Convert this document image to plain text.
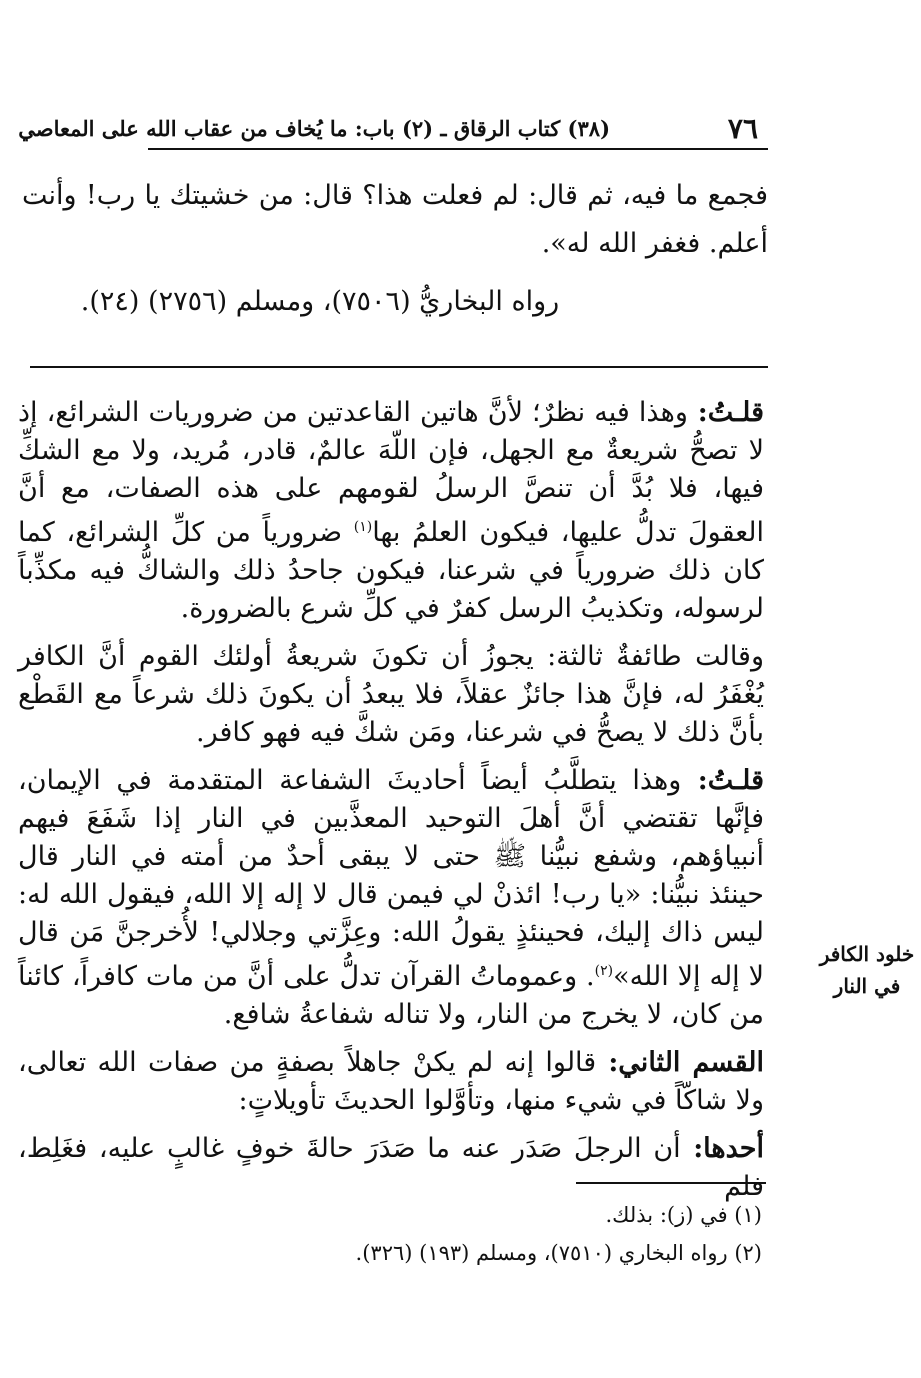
٧٦
(٣٨) كتاب الرقاق ـ (٢) باب: ما يُخاف من عقاب الله على المعاصي

فجمع ما فيه، ثم قال: لم فعلت هذا؟ قال: من خشيتك يا رب! وأنت أعلم. فغفر الله له».

رواه البخاريُّ (٧٥٠٦)، ومسلم (٢٧٥٦) (٢٤).

قلـتُ: وهذا فيه نظرٌ؛ لأنَّ هاتين القاعدتين من ضروريات الشرائع، إذ لا تصحُّ شريعةٌ مع الجهل، فإن اللّهَ عالمٌ، قادر، مُريد، ولا مع الشكِّ فيها، فلا بُدَّ أن تنصَّ الرسلُ لقومهم على هذه الصفات، مع أنَّ العقولَ تدلُّ عليها، فيكون العلمُ بها$^{(١)}$ ضرورياً من كلِّ الشرائع، كما كان ذلك ضرورياً في شرعنا، فيكون جاحدُ ذلك والشاكُّ فيه مكذِّباً لرسوله، وتكذيبُ الرسل كفرٌ في كلِّ شرع بالضرورة.

وقالت طائفةٌ ثالثة: يجوزُ أن تكونَ شريعةُ أولئك القوم أنَّ الكافر يُغْفَرُ له، فإنَّ هذا جائزٌ عقلاً، فلا يبعدُ أن يكونَ ذلك شرعاً مع القَطْع بأنَّ ذلك لا يصحُّ في شرعنا، ومَن شكَّ فيه فهو كافر.

قلـتُ: وهذا يتطلَّبُ أيضاً أحاديثَ الشفاعة المتقدمة في الإيمان، فإنَّها تقتضي أنَّ أهلَ التوحيد المعذَّبين في النار إذا شَفَعَ فيهم أنبياؤهم، وشفع نبيُّنا ﷺ حتى لا يبقى أحدٌ من أمته في النار قال حينئذ نبيُّنا: «يا رب! ائذنْ لي فيمن قال لا إله إلا الله، فيقول الله له: ليس ذاك إليك، فحينئذٍ يقولُ الله: وعِزَّتي وجلالي! لأُخرجنَّ مَن قال لا إله إلا الله»$^{(٢)}$. وعموماتُ القرآن تدلُّ على أنَّ من مات كافراً، كائناً من كان، لا يخرج من النار، ولا تناله شفاعةُ شافع.

القسم الثاني: قالوا إنه لم يكنْ جاهلاً بصفةٍ من صفات الله تعالى، ولا شاكّاً في شيء منها، وتأوَّلوا الحديثَ تأويلاتٍ:

أحدها: أن الرجلَ صَدَر عنه ما صَدَرَ حالةَ خوفٍ غالبٍ عليه، فغَلِط، فلم

خلود الكافر في النار
(١) في (ز): بذلك.
(٢) رواه البخاري (٧٥١٠)، ومسلم (١٩٣) (٣٢٦).
